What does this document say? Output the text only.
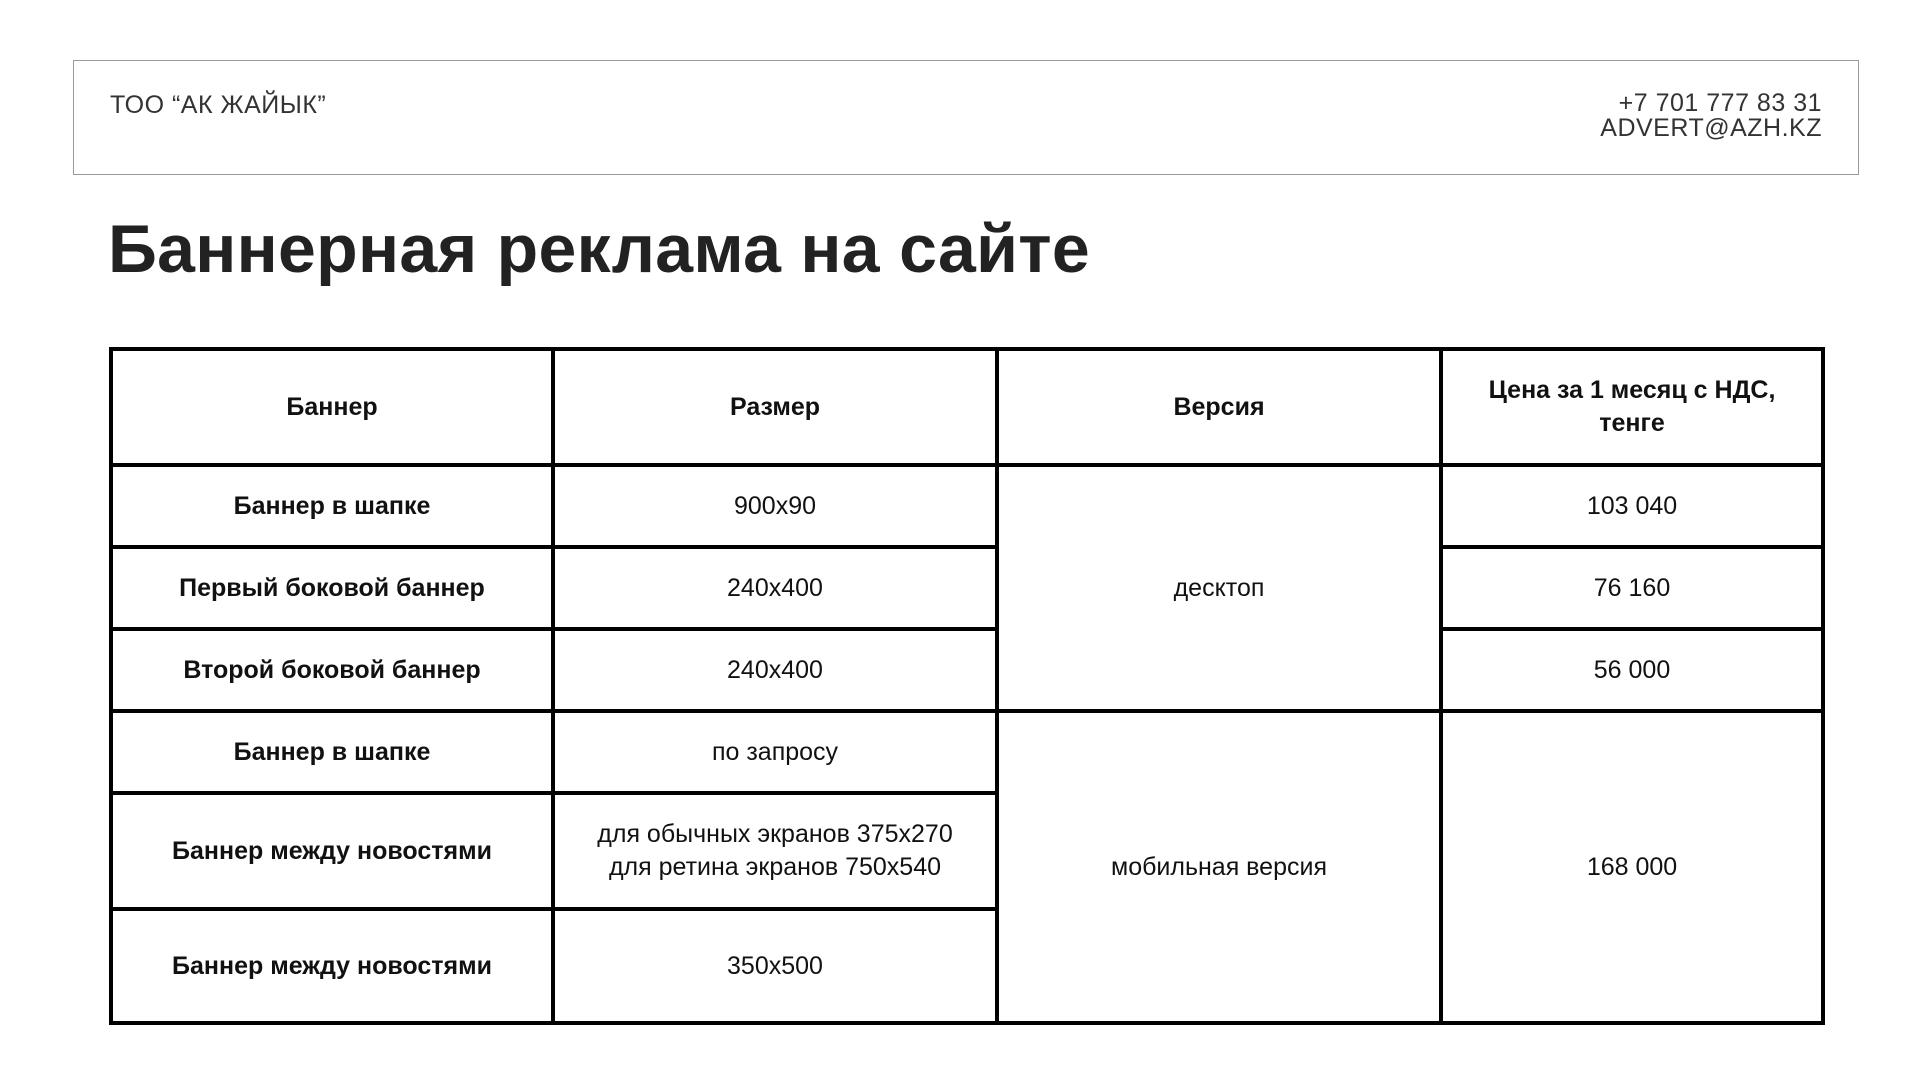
ТОО “АК ЖАЙЫК”	+7 701 777 83 31
ADVERT@AZH.KZ
Баннерная реклама на сайте
Баннер	Размер	Версия	Цена за 1 месяц с НДС,
тенге

Баннер в шапке	900x90	десктоп	103 040
Первый боковой баннер	240x400		76 160
Второй боковой баннер	240x400		56 000
Баннер в шапке	по запросу	мобильная версия	168 000
Баннер между новостями	для обычных экранов 375x270
для ретина экранов 750x540		

Баннер между новостями	350x500		
